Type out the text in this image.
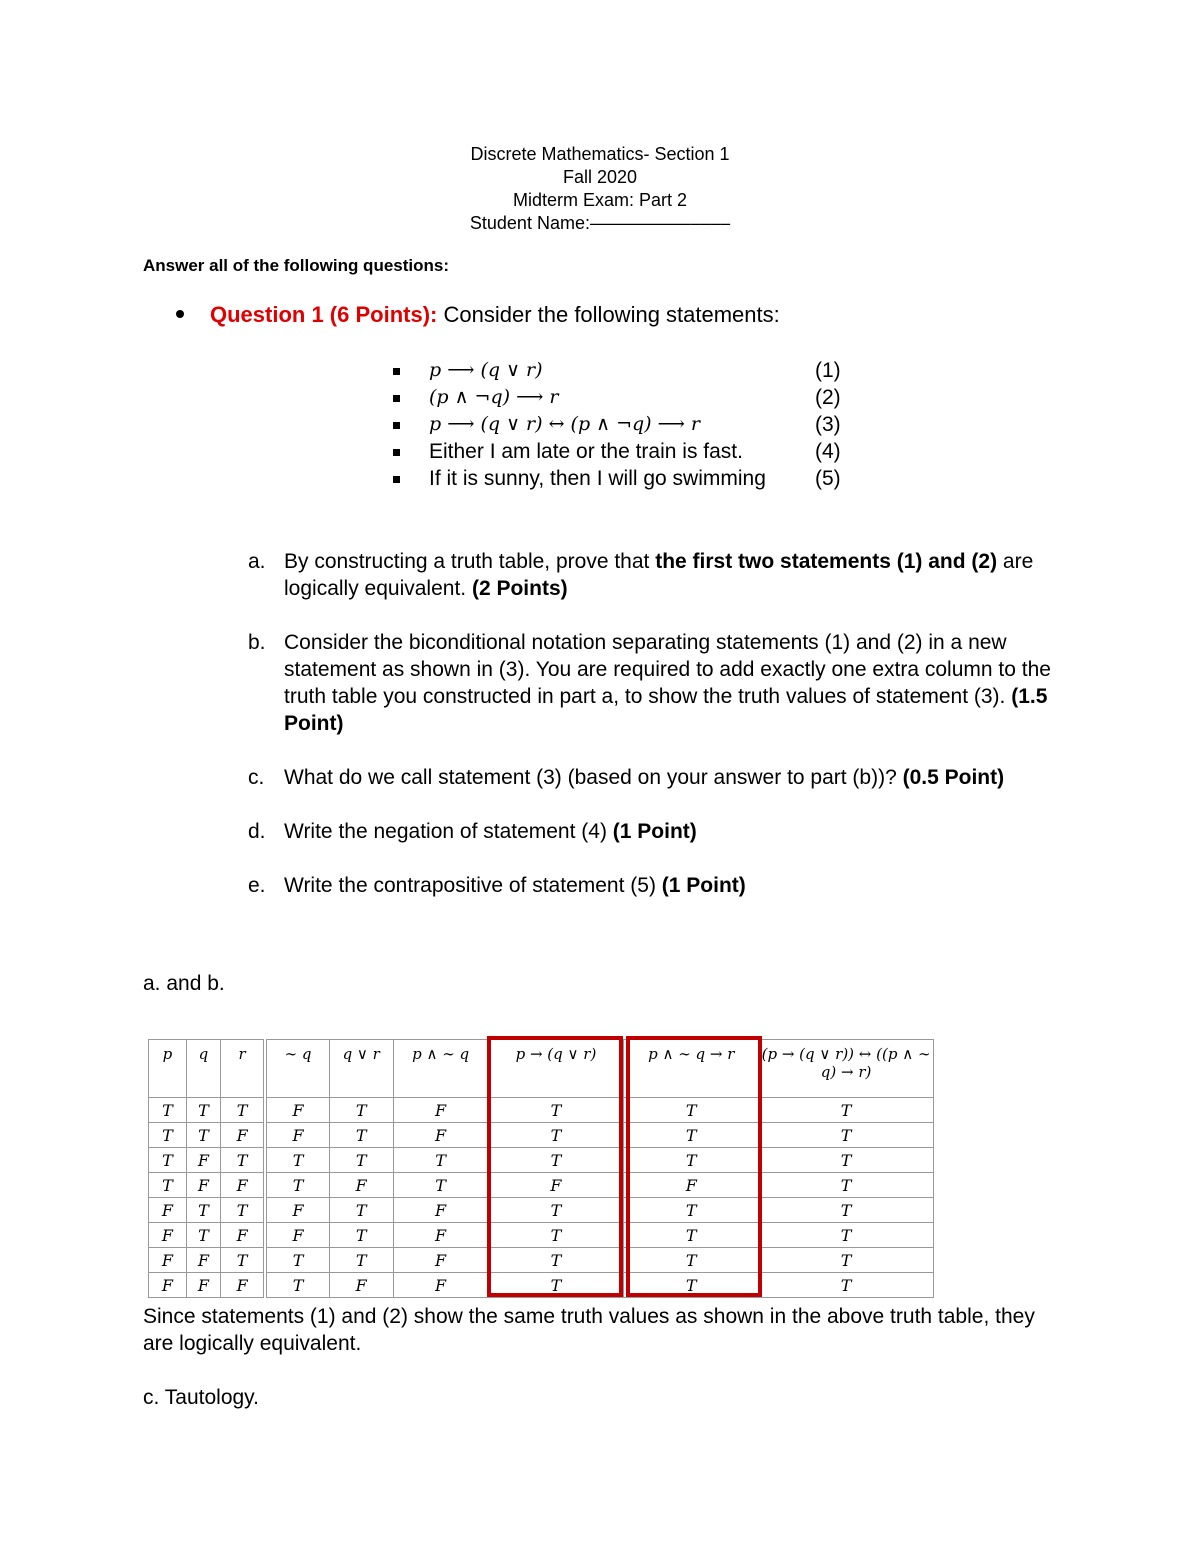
Discrete Mathematics- Section 1
Fall 2020
Midterm Exam: Part 2
Student Name:––––––––––––––
Answer all of the following questions:
Question 1 (6 Points): Consider the following statements:
p ⟶ (q ∨ r)	(1)
(p ∧ ¬q) ⟶ r	(2)
p ⟶ (q ∨ r) ↔ (p ∧ ¬q) ⟶ r	(3)
Either I am late or the train is fast.	(4)
If it is sunny, then I will go swimming (5)
a. By constructing a truth table, prove that the first two statements (1) and (2) are logically equivalent. (2 Points)
b. Consider the biconditional notation separating statements (1) and (2) in a new statement as shown in (3). You are required to add exactly one extra column to the truth table you constructed in part a, to show the truth values of statement (3). (1.5 Point)
c. What do we call statement (3) (based on your answer to part (b))? (0.5 Point)
d. Write the negation of statement (4) (1 Point)
e. Write the contrapositive of statement (5) (1 Point)
a. and b.
p	q	r	∼ q	q ∨ r	p ∧ ∼ q	p → (q ∨ r)	p ∧ ∼ q → r	(p → (q ∨ r)) ↔ ((p ∧ ∼ q) → r)
T	T	T	F	T	F	T	T	T
T	T	F	F	T	F	T	T	T
T	F	T	T	T	T	T	T	T
T	F	F	T	F	T	F	F	T
F	T	T	F	T	F	T	T	T
F	T	F	F	T	F	T	T	T
F	F	T	T	T	F	T	T	T
F	F	F	T	F	F	T	T	T
Since statements (1) and (2) show the same truth values as shown in the above truth table, they are logically equivalent.
c. Tautology.
